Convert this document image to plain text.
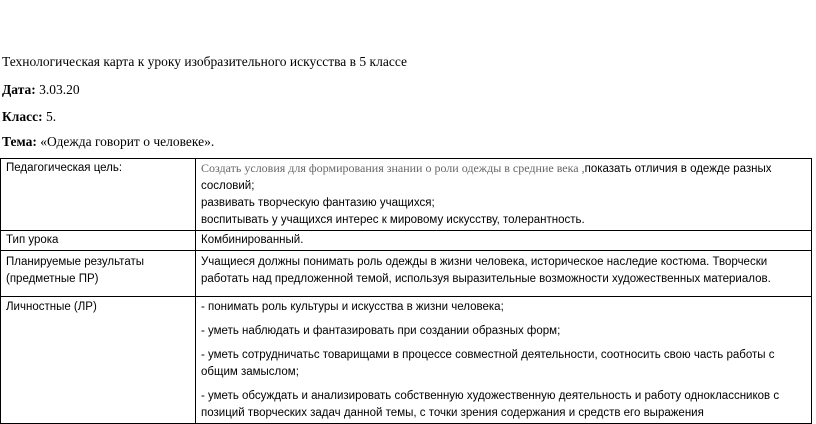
Технологическая карта к уроку изобразительного искусства в 5 классе
Дата: 3.03.20
Класс: 5.
Тема: «Одежда говорит о человеке».
Педагогическая цель:	Создать условия для формирования знании о роли одежды в средние века ,показать отличия в одежде разных сословий;
развивать творческую фантазию учащихся;
воспитывать у учащихся интерес к мировому искусству, толерантность.
Тип урока	Комбинированный.
Планируемые результаты (предметные ПР)	Учащиеся должны понимать роль одежды в жизни человека, историческое наследие костюма. Творчески работать над предложенной темой, используя выразительные возможности художественных материалов.
Личностные (ЛР)	- понимать роль культуры и искусства в жизни человека;

- уметь наблюдать и фантазировать при создании образных форм;

- уметь сотрудничатьс товарищами в процессе совместной деятельности, соотносить свою часть работы с общим замыслом;

- уметь обсуждать и анализировать собственную художественную деятельность и работу одноклассников с позиций творческих задач данной темы, с точки зрения содержания и средств его выражения
